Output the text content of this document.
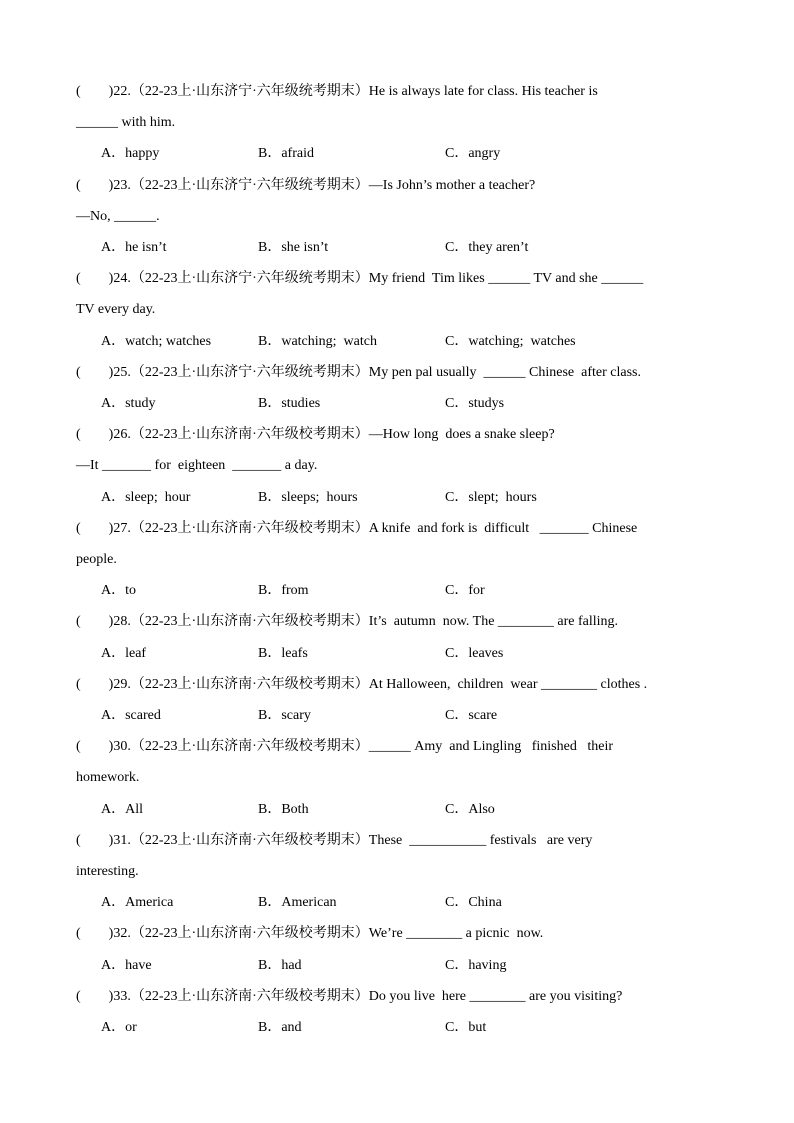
(        )22.（22-23上·山东济宁·六年级统考期末）He is always late for class. His teacher is
______ with him.
A．happy	B．afraid	C．angry
(        )23.（22-23上·山东济宁·六年级统考期末）—Is John’s mother a teacher?
—No, ______.
A．he isn’t	B．she isn’t	C．they aren’t
(        )24.（22-23上·山东济宁·六年级统考期末）My friend  Tim likes ______ TV and she ______
TV every day.
A．watch; watches	B．watching;  watch	C．watching;  watches
(        )25.（22-23上·山东济宁·六年级统考期末）My pen pal usually  ______ Chinese  after class.
A．study	B．studies	C．studys
(        )26.（22-23上·山东济南·六年级校考期末）—How long  does a snake sleep?
—It _______ for  eighteen  _______ a day.
A．sleep;  hour	B．sleeps;  hours	C．slept;  hours
(        )27.（22-23上·山东济南·六年级校考期末）A knife  and fork is  difficult   _______ Chinese
people.
A．to	B．from	C．for
(        )28.（22-23上·山东济南·六年级校考期末）It’s  autumn  now. The ________ are falling.
A．leaf	B．leafs	C．leaves
(        )29.（22-23上·山东济南·六年级校考期末）At Halloween,  children  wear ________ clothes .
A．scared	B．scary	C．scare
(        )30.（22-23上·山东济南·六年级校考期末）______ Amy  and Lingling   finished   their
homework.
A．All	B．Both	C．Also
(        )31.（22-23上·山东济南·六年级校考期末）These  ___________ festivals   are very
interesting.
A．America	B．American	C．China
(        )32.（22-23上·山东济南·六年级校考期末）We’re ________ a picnic  now.
A．have	B．had	C．having
(        )33.（22-23上·山东济南·六年级校考期末）Do you live  here ________ are you visiting?
A．or	B．and	C．but
